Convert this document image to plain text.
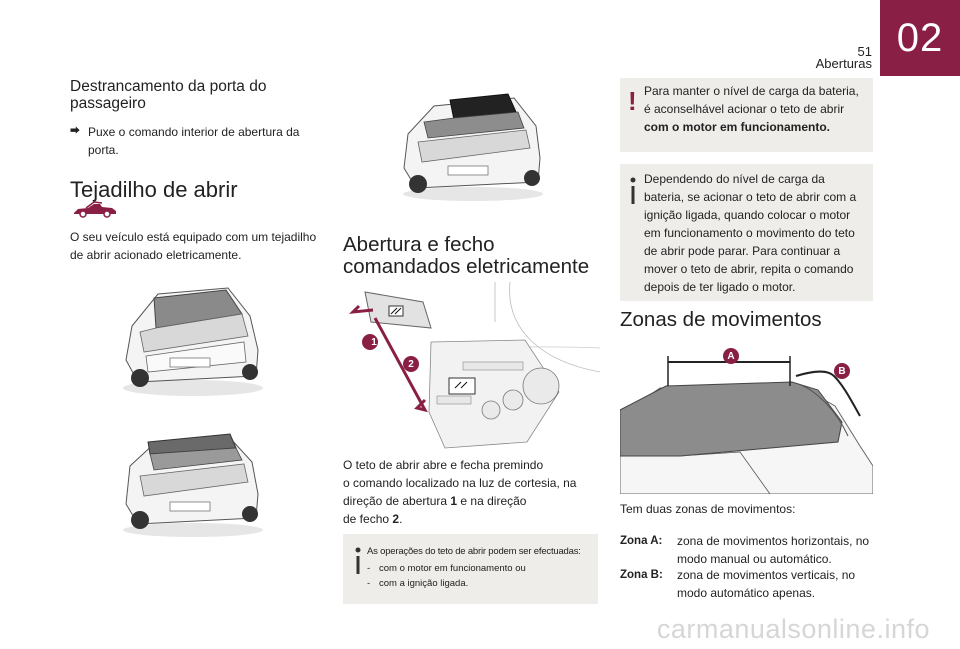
02
51
Aberturas
Destrancamento da porta do passageiro
⮕ Puxe o comando interior de abertura da porta.
Tejadilho de abrir
O seu veículo está equipado com um tejadilho de abrir acionado eletricamente.	Abertura e fecho comandados eletricamente
1
2
O teto de abrir abre e fecha premindo
o comando localizado na luz de cortesia, na
direção de abertura 1 e na direção
de fecho 2.
As operações do teto de abrir podem ser efectuadas:
- com o motor em funcionamento ou
- com a ignição ligada.
! Para manter o nível de carga da bateria, é aconselhável acionar o teto de abrir com o motor em funcionamento.
Dependendo do nível de carga da bateria, se acionar o teto de abrir com a ignição ligada, quando colocar o motor em funcionamento o movimento do teto de abrir pode parar. Para continuar a mover o teto de abrir, repita o comando depois de ter ligado o motor.
Zonas de movimentos
A
B
Tem duas zonas de movimentos:
Zona A:	zona de movimentos horizontais, no modo manual ou automático.
Zona B:	zona de movimentos verticais, no modo automático apenas.
carmanualsonline.info
